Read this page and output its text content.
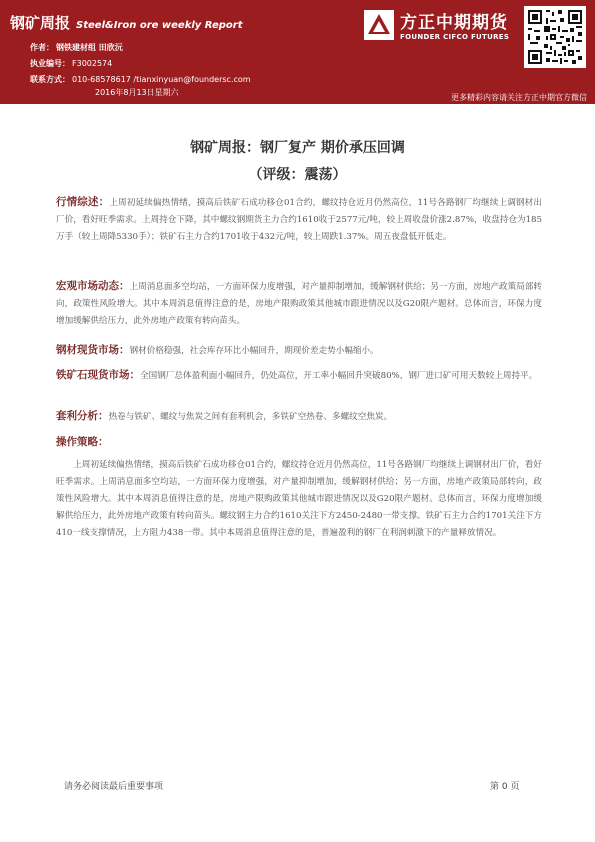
钢矿周报 Steel&Iron ore weekly Report
作者： 钢铁建材组 田欣沅
执业编号： F3002574
联系方式： 010-68578617 /tianxinyuan@foundersc.com
2016年8月13日星期六
方正中期期货
FOUNDER CIFCO FUTURES
更多精彩内容请关注方正中期官方微信
钢矿周报：钢厂复产 期价承压回调
（评级：震荡）
行情综述：上周初延续偏热情绪，摸高后铁矿石成功移仓01合约，螺纹持仓近月仍然高位，11号各路钢厂均继续上调钢材出厂价，看好旺季需求。上周持仓下降，其中螺纹钢期货主力合约1610收于2577元/吨，较上周收盘价涨2.87%，收盘持仓为185万手（较上周降5330手）；铁矿石主力合约1701收于432元/吨，较上周跌1.37%。周五夜盘低开低走。
宏观市场动态：上周消息面多空均站，一方面环保力度增强，对产量抑制增加，缓解钢材供给；另一方面，房地产政策局部转向，政策性风险增大。其中本周消息值得注意的是，房地产限购政策其他城市跟进情况以及G20限产题材。总体而言，环保力度增加缓解供给压力，此外房地产政策有转向苗头。
钢材现货市场：钢材价格稳强，社会库存环比小幅回升，期现价差走势小幅缩小。
铁矿石现货市场：全国钢厂总体盈利面小幅回升，仍处高位，开工率小幅回升突破80%，钢厂进口矿可用天数较上周持平。
套利分析：热卷与铁矿、螺纹与焦炭之间有套利机会，多铁矿空热卷、多螺纹空焦炭。
操作策略：
上周初延续偏热情绪，摸高后铁矿石成功移仓01合约，螺纹持仓近月仍然高位，11号各路钢厂均继续上调钢材出厂价，看好旺季需求。上周消息面多空均站，一方面环保力度增强，对产量抑制增加，缓解钢材供给；另一方面，房地产政策局部转向，政策性风险增大。其中本周消息值得注意的是，房地产限购政策其他城市跟进情况以及G20限产题材。总体而言，环保力度增加缓解供给压力，此外房地产政策有转向苗头。螺纹钢主力合约1610关注下方2450-2480一带支撑。铁矿石主力合约1701关注下方410一线支撑情况，上方阻力438一带。其中本周消息值得注意的是，普遍盈利的钢厂在利润刺激下的产量释放情况。
请务必阅读最后重要事项	第 0 页
